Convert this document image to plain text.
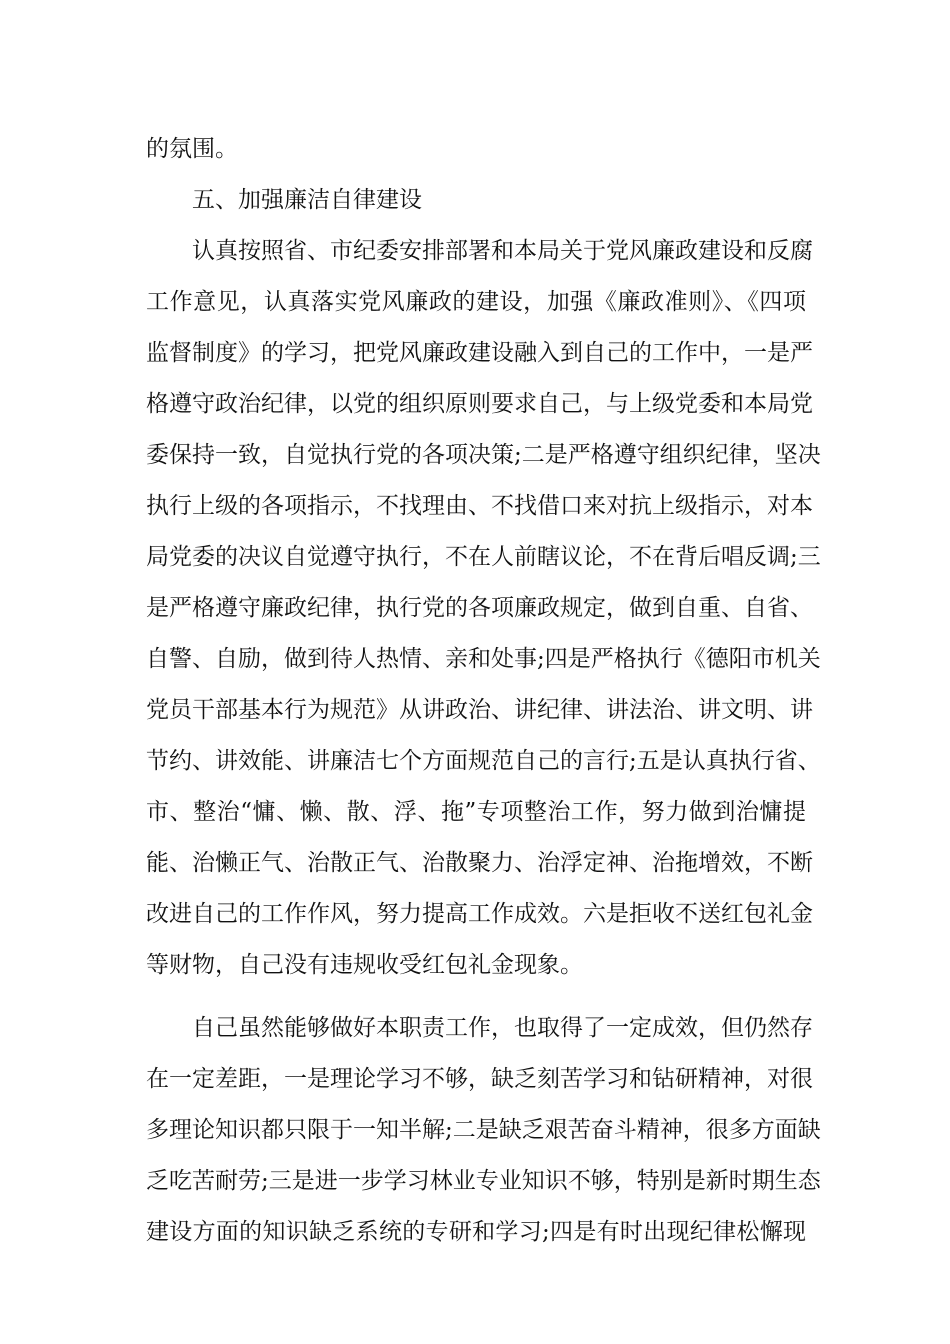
的氛围。
五、加强廉洁自律建设
认真按照省、市纪委安排部署和本局关于党风廉政建设和反腐
工作意见，认真落实党风廉政的建设，加强《廉政准则》、《四项
监督制度》的学习，把党风廉政建设融入到自己的工作中，一是严
格遵守政治纪律，以党的组织原则要求自己，与上级党委和本局党
委保持一致，自觉执行党的各项决策;二是严格遵守组织纪律，坚决
执行上级的各项指示，不找理由、不找借口来对抗上级指示，对本
局党委的决议自觉遵守执行，不在人前瞎议论，不在背后唱反调;三
是严格遵守廉政纪律，执行党的各项廉政规定，做到自重、自省、
自警、自励，做到待人热情、亲和处事;四是严格执行《德阳市机关
党员干部基本行为规范》从讲政治、讲纪律、讲法治、讲文明、讲
节约、讲效能、讲廉洁七个方面规范自己的言行;五是认真执行省、
市、整治“慵、懒、散、浮、拖”专项整治工作，努力做到治慵提
能、治懒正气、治散正气、治散聚力、治浮定神、治拖增效，不断
改进自己的工作作风，努力提高工作成效。六是拒收不送红包礼金
等财物，自己没有违规收受红包礼金现象。
自己虽然能够做好本职责工作，也取得了一定成效，但仍然存
在一定差距，一是理论学习不够，缺乏刻苦学习和钻研精神，对很
多理论知识都只限于一知半解;二是缺乏艰苦奋斗精神，很多方面缺
乏吃苦耐劳;三是进一步学习林业专业知识不够，特别是新时期生态
建设方面的知识缺乏系统的专研和学习;四是有时出现纪律松懈现
